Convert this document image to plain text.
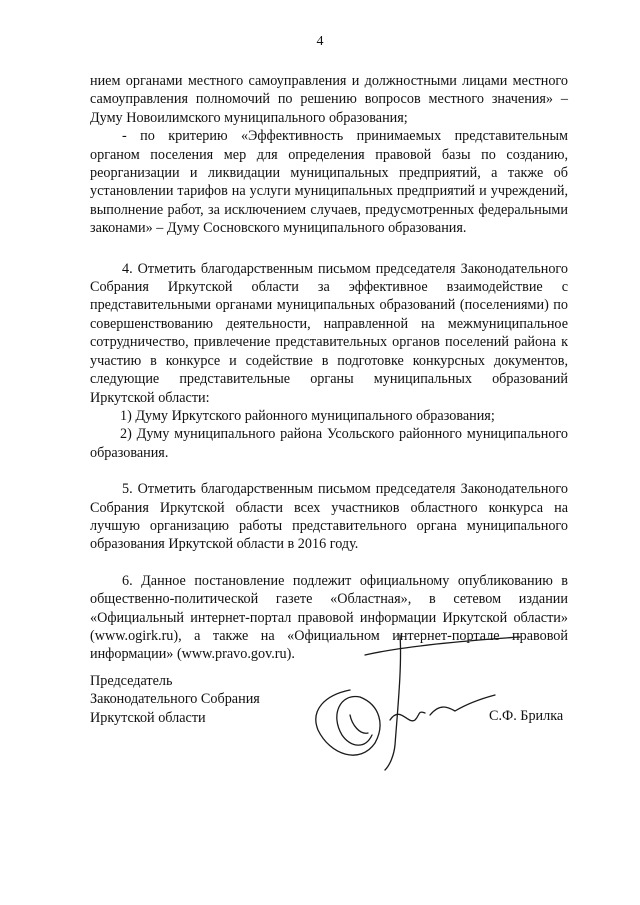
4

нием органами местного самоуправления и должностными лицами местного самоуправления полномочий по решению вопросов местного значения» – Думу Новоилимского муниципального образования;

- по критерию «Эффективность принимаемых представительным органом поселения мер для определения правовой базы по созданию, реорганизации и ликвидации муниципальных предприятий, а также об установлении тарифов на услуги муниципальных предприятий и учреждений, выполнение работ, за исключением случаев, предусмотренных федеральными законами» – Думу Сосновского муниципального образования.

4. Отметить благодарственным письмом председателя Законодательного Собрания Иркутской области за эффективное взаимодействие с представительными органами муниципальных образований (поселениями) по совершенствованию деятельности, направленной на межмуниципальное сотрудничество, привлечение представительных органов поселений района к участию в конкурсе и содействие в подготовке конкурсных документов, следующие представительные органы муниципальных образований Иркутской области:

1) Думу Иркутского районного муниципального образования;

2) Думу муниципального района Усольского районного муниципального образования.

5. Отметить благодарственным письмом председателя Законодательного Собрания Иркутской области всех участников областного конкурса на лучшую организацию работы представительного органа муниципального образования Иркутской области в 2016 году.

6. Данное постановление подлежит официальному опубликованию в общественно-политической газете «Областная», в сетевом издании «Официальный интернет-портал правовой информации Иркутской области» (www.ogirk.ru), а также на «Официальном интернет-портале правовой информации» (www.pravo.gov.ru).

Председатель
Законодательного Собрания
Иркутской области	С.Ф. Брилка
